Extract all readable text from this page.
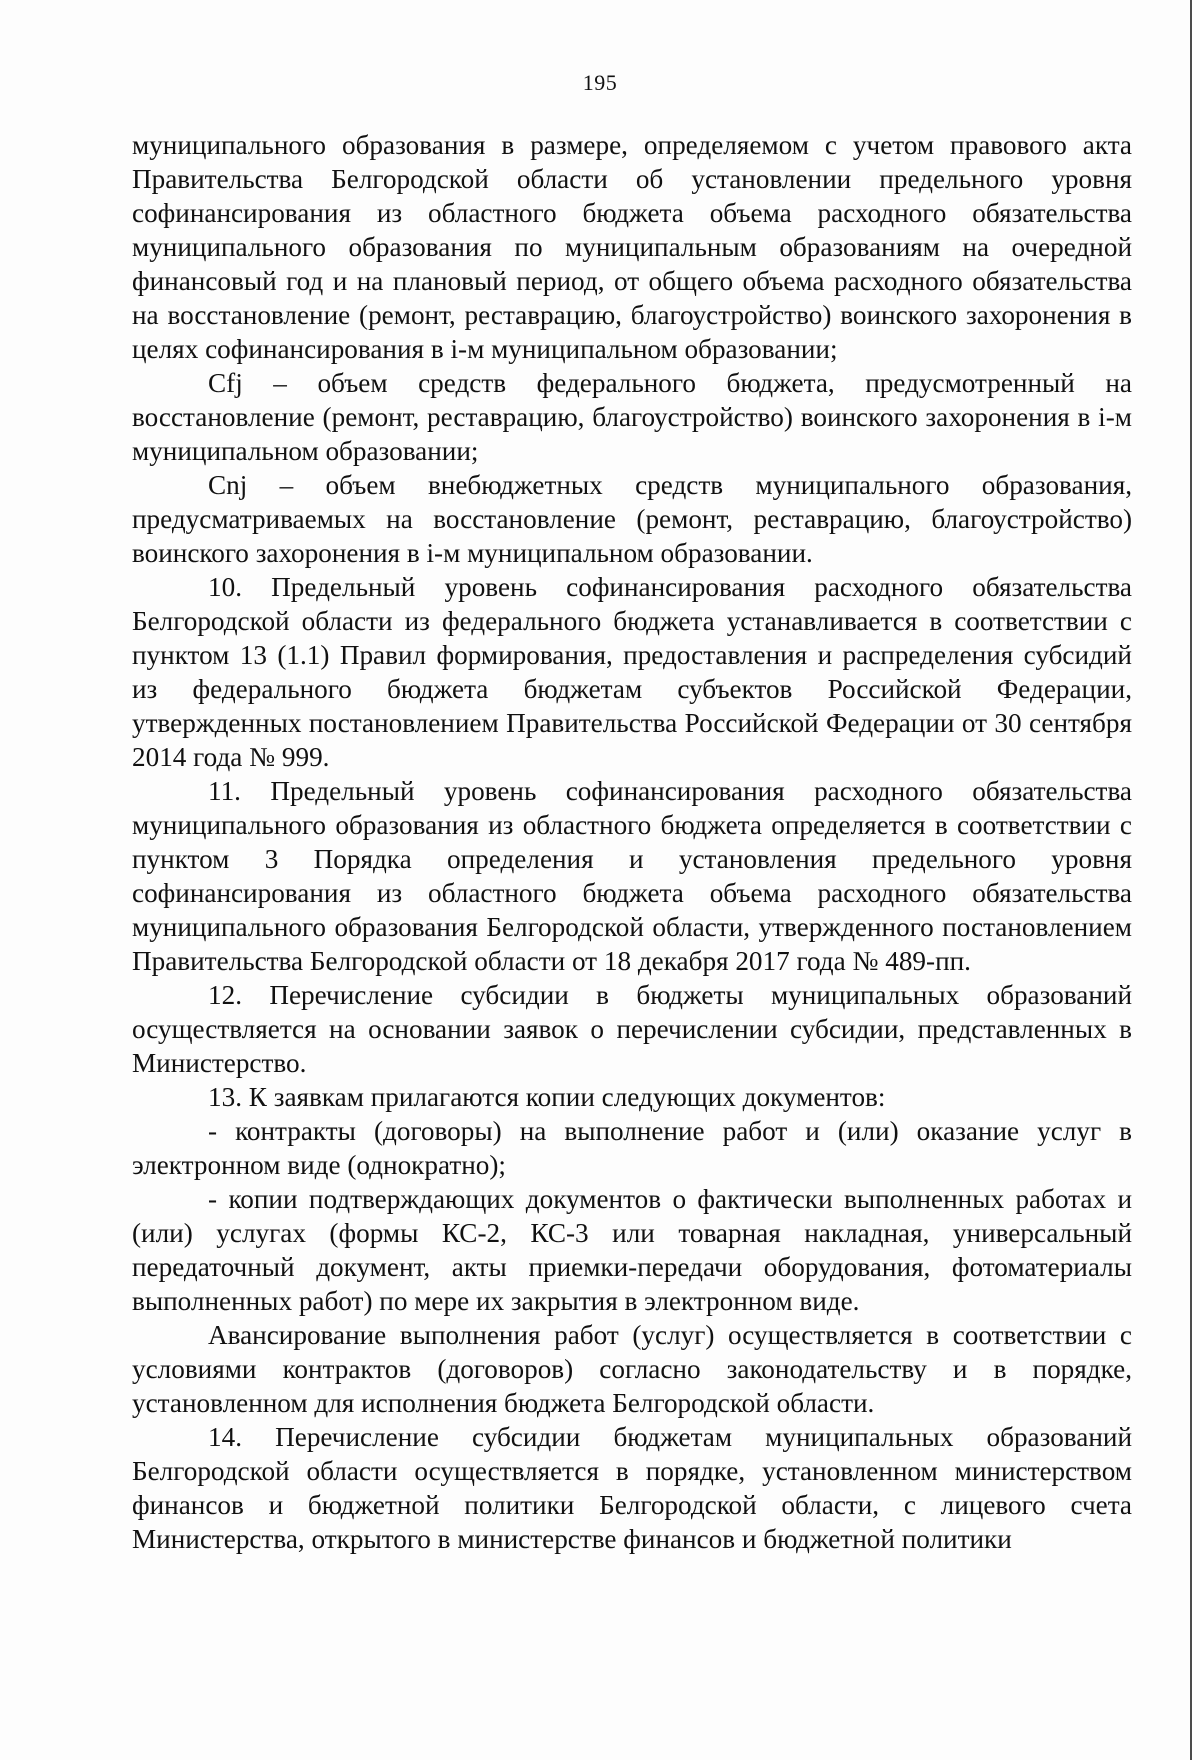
195

муниципального образования в размере, определяемом с учетом правового акта Правительства Белгородской области об установлении предельного уровня софинансирования из областного бюджета объема расходного обязательства муниципального образования по муниципальным образованиям на очередной финансовый год и на плановый период, от общего объема расходного обязательства на восстановление (ремонт, реставрацию, благоустройство) воинского захоронения в целях софинансирования в i-м муниципальном образовании;

Cfj – объем средств федерального бюджета, предусмотренный на восстановление (ремонт, реставрацию, благоустройство) воинского захоронения в i-м муниципальном образовании;

Cnj – объем внебюджетных средств муниципального образования, предусматриваемых на восстановление (ремонт, реставрацию, благоустройство) воинского захоронения в i-м муниципальном образовании.

10. Предельный уровень софинансирования расходного обязательства Белгородской области из федерального бюджета устанавливается в соответствии с пунктом 13 (1.1) Правил формирования, предоставления и распределения субсидий из федерального бюджета бюджетам субъектов Российской Федерации, утвержденных постановлением Правительства Российской Федерации от 30 сентября 2014 года № 999.

11. Предельный уровень софинансирования расходного обязательства муниципального образования из областного бюджета определяется в соответствии с пунктом 3 Порядка определения и установления предельного уровня софинансирования из областного бюджета объема расходного обязательства муниципального образования Белгородской области, утвержденного постановлением Правительства Белгородской области от 18 декабря 2017 года № 489-пп.

12. Перечисление субсидии в бюджеты муниципальных образований осуществляется на основании заявок о перечислении субсидии, представленных в Министерство.

13. К заявкам прилагаются копии следующих документов:

- контракты (договоры) на выполнение работ и (или) оказание услуг в электронном виде (однократно);

- копии подтверждающих документов о фактически выполненных работах и (или) услугах (формы КС-2, КС-3 или товарная накладная, универсальный передаточный документ, акты приемки-передачи оборудования, фотоматериалы выполненных работ) по мере их закрытия в электронном виде.

Авансирование выполнения работ (услуг) осуществляется в соответствии с условиями контрактов (договоров) согласно законодательству и в порядке, установленном для исполнения бюджета Белгородской области.

14. Перечисление субсидии бюджетам муниципальных образований Белгородской области осуществляется в порядке, установленном министерством финансов и бюджетной политики Белгородской области, с лицевого счета Министерства, открытого в министерстве финансов и бюджетной политики
